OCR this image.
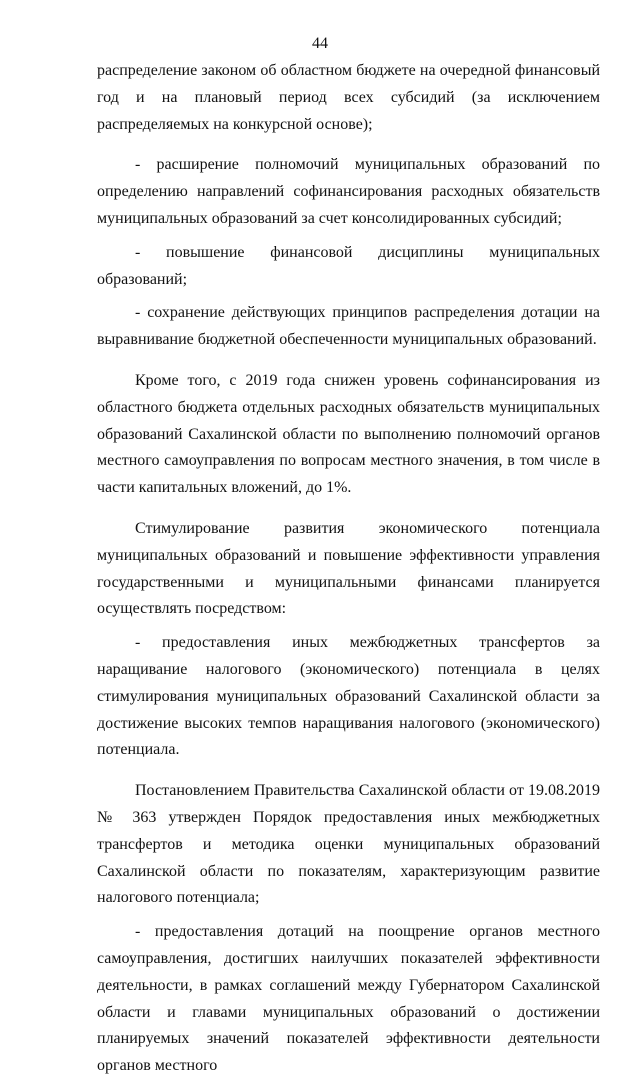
44

распределение законом об областном бюджете на очередной финансовый год и на плановый период всех субсидий (за исключением распределяемых на конкурсной основе);

- расширение полномочий муниципальных образований по определению направлений софинансирования расходных обязательств муниципальных образований за счет консолидированных субсидий;

- повышение финансовой дисциплины муниципальных образований;

- сохранение действующих принципов распределения дотации на выравнивание бюджетной обеспеченности муниципальных образований.

Кроме того, с 2019 года снижен уровень софинансирования из областного бюджета отдельных расходных обязательств муниципальных образований Сахалинской области по выполнению полномочий органов местного самоуправления по вопросам местного значения, в том числе в части капитальных вложений, до 1%.

Стимулирование развития экономического потенциала муниципальных образований и повышение эффективности управления государственными и муниципальными финансами планируется осуществлять посредством:

- предоставления иных межбюджетных трансфертов за наращивание налогового (экономического) потенциала в целях стимулирования муниципальных образований Сахалинской области за достижение высоких темпов наращивания налогового (экономического) потенциала.

Постановлением Правительства Сахалинской области от 19.08.2019 № 363 утвержден Порядок предоставления иных межбюджетных трансфертов и методика оценки муниципальных образований Сахалинской области по показателям, характеризующим развитие налогового потенциала;

- предоставления дотаций на поощрение органов местного самоуправления, достигших наилучших показателей эффективности деятельности, в рамках соглашений между Губернатором Сахалинской области и главами муниципальных образований о достижении планируемых значений показателей эффективности деятельности органов местного
